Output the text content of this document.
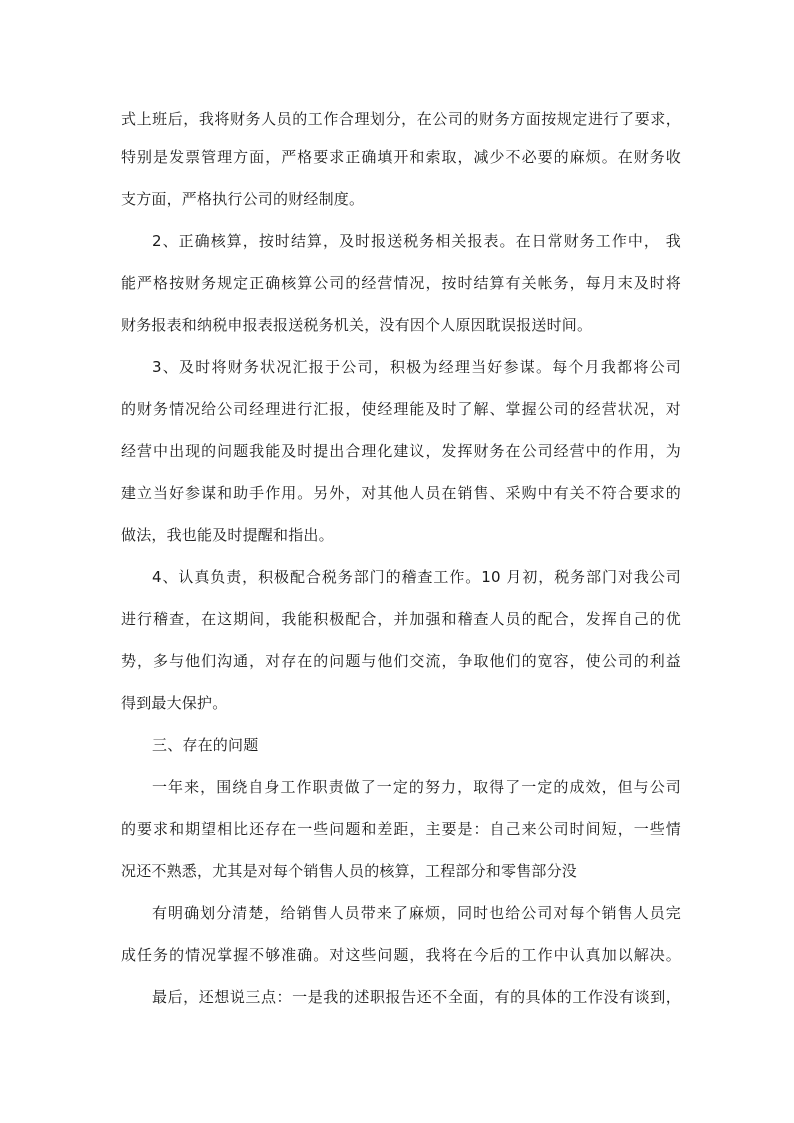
式上班后，我将财务人员的工作合理划分，在公司的财务方面按规定进行了要求，
特别是发票管理方面，严格要求正确填开和索取，减少不必要的麻烦。在财务收
支方面，严格执行公司的财经制度。
2、正确核算，按时结算，及时报送税务相关报表。在日常财务工作中， 我
能严格按财务规定正确核算公司的经营情况，按时结算有关帐务，每月末及时将
财务报表和纳税申报表报送税务机关，没有因个人原因耽误报送时间。
3、及时将财务状况汇报于公司，积极为经理当好参谋。每个月我都将公司
的财务情况给公司经理进行汇报，使经理能及时了解、掌握公司的经营状况，对
经营中出现的问题我能及时提出合理化建议，发挥财务在公司经营中的作用，为
建立当好参谋和助手作用。另外，对其他人员在销售、采购中有关不符合要求的
做法，我也能及时提醒和指出。
4、认真负责，积极配合税务部门的稽查工作。10 月初，税务部门对我公司
进行稽查，在这期间，我能积极配合，并加强和稽查人员的配合，发挥自己的优
势，多与他们沟通，对存在的问题与他们交流，争取他们的宽容，使公司的利益
得到最大保护。
三、存在的问题
一年来，围绕自身工作职责做了一定的努力，取得了一定的成效，但与公司
的要求和期望相比还存在一些问题和差距，主要是：自己来公司时间短，一些情
况还不熟悉，尤其是对每个销售人员的核算，工程部分和零售部分没
有明确划分清楚，给销售人员带来了麻烦，同时也给公司对每个销售人员完
成任务的情况掌握不够准确。对这些问题，我将在今后的工作中认真加以解决。
最后，还想说三点：一是我的述职报告还不全面，有的具体的工作没有谈到，
